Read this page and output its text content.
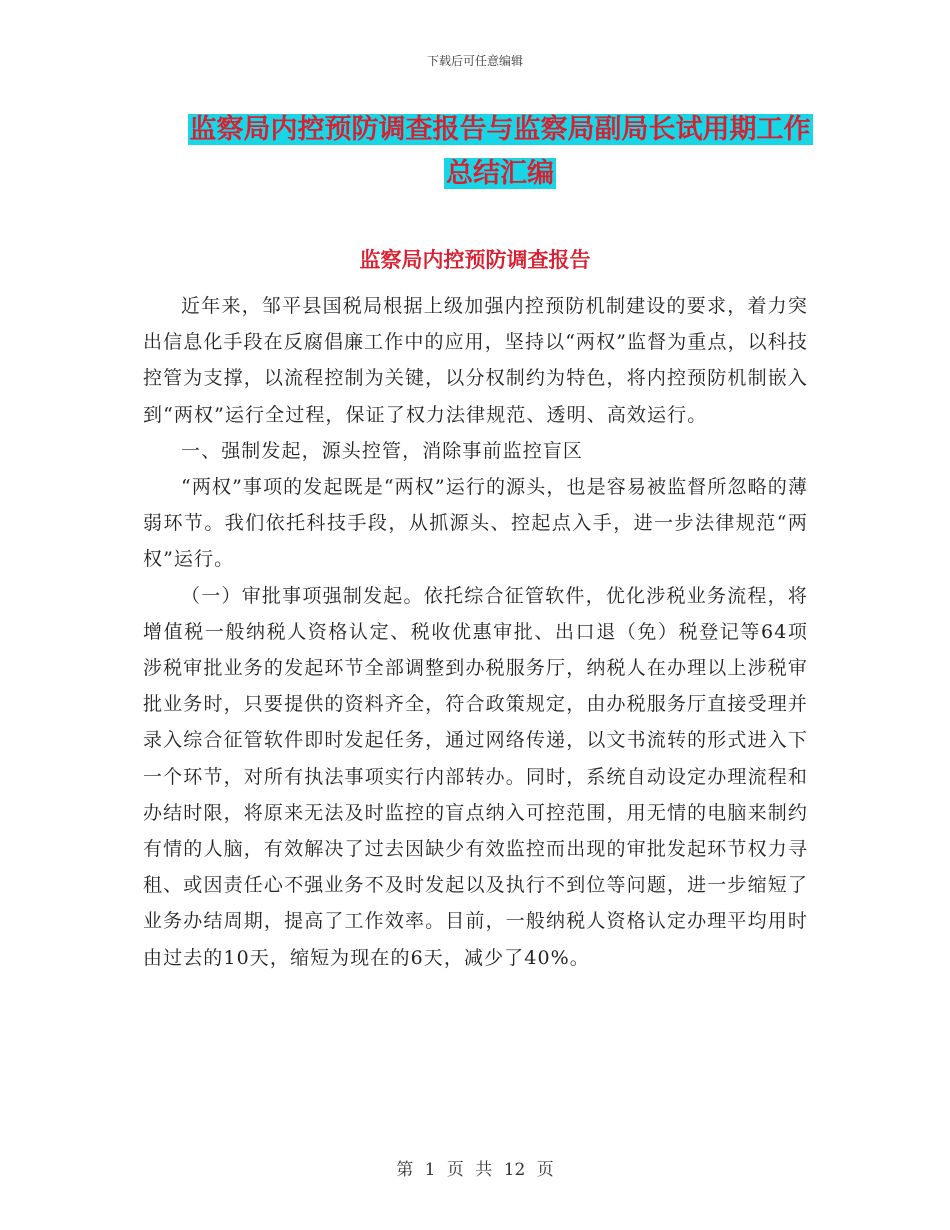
下载后可任意编辑
监察局内控预防调查报告与监察局副局长试用期工作
总结汇编
监察局内控预防调查报告

近年来，邹平县国税局根据上级加强内控预防机制建设的要求，着力突出信息化手段在反腐倡廉工作中的应用，坚持以“两权”监督为重点，以科技控管为支撑，以流程控制为关键，以分权制约为特色，将内控预防机制嵌入到“两权”运行全过程，保证了权力法律规范、透明、高效运行。

一、强制发起，源头控管，消除事前监控盲区

“两权”事项的发起既是“两权”运行的源头，也是容易被监督所忽略的薄弱环节。我们依托科技手段，从抓源头、控起点入手，进一步法律规范“两权”运行。

（一）审批事项强制发起。依托综合征管软件，优化涉税业务流程，将增值税一般纳税人资格认定、税收优惠审批、出口退（免）税登记等64项涉税审批业务的发起环节全部调整到办税服务厅，纳税人在办理以上涉税审批业务时，只要提供的资料齐全，符合政策规定，由办税服务厅直接受理并录入综合征管软件即时发起任务，通过网络传递，以文书流转的形式进入下一个环节，对所有执法事项实行内部转办。同时，系统自动设定办理流程和办结时限，将原来无法及时监控的盲点纳入可控范围，用无情的电脑来制约有情的人脑，有效解决了过去因缺少有效监控而出现的审批发起环节权力寻租、或因责任心不强业务不及时发起以及执行不到位等问题，进一步缩短了业务办结周期，提高了工作效率。目前，一般纳税人资格认定办理平均用时由过去的10天，缩短为现在的6天，减少了40%。

第 1 页 共 12 页
